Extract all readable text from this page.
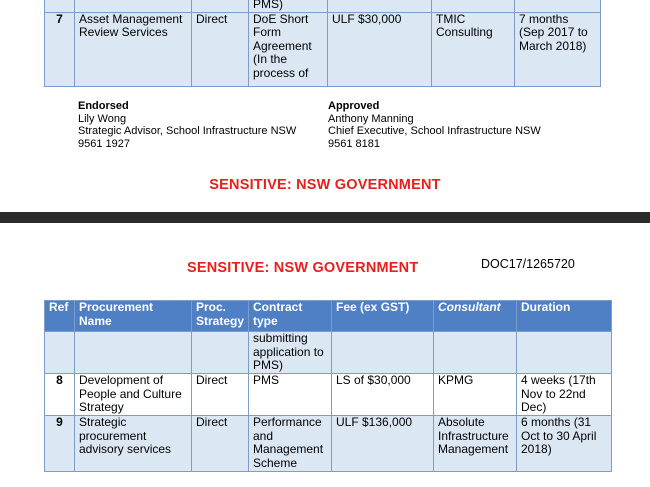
			PMS)			
7	Asset Management Review Services	Direct	DoE Short
Form
Agreement
(In the
process of	ULF $30,000	TMIC Consulting	7 months (Sep 2017 to March 2018)
Endorsed
Lily Wong
Strategic Advisor, School Infrastructure NSW
9561 1927
Approved
Anthony Manning
Chief Executive, School Infrastructure NSW
9561 8181
SENSITIVE: NSW GOVERNMENT
SENSITIVE: NSW GOVERNMENT	DOC17/1265720
Ref	Procurement Name	Proc. Strategy	Contract type	Fee (ex GST)	Consultant	Duration
			submitting application to PMS)			
8	Development of People and Culture Strategy	Direct	PMS	LS of $30,000	KPMG	4 weeks (17th Nov to 22nd Dec)
9	Strategic procurement advisory services	Direct	Performance and Management Scheme	ULF $136,000	Absolute Infrastructure Management	6 months (31 Oct to 30 April 2018)
